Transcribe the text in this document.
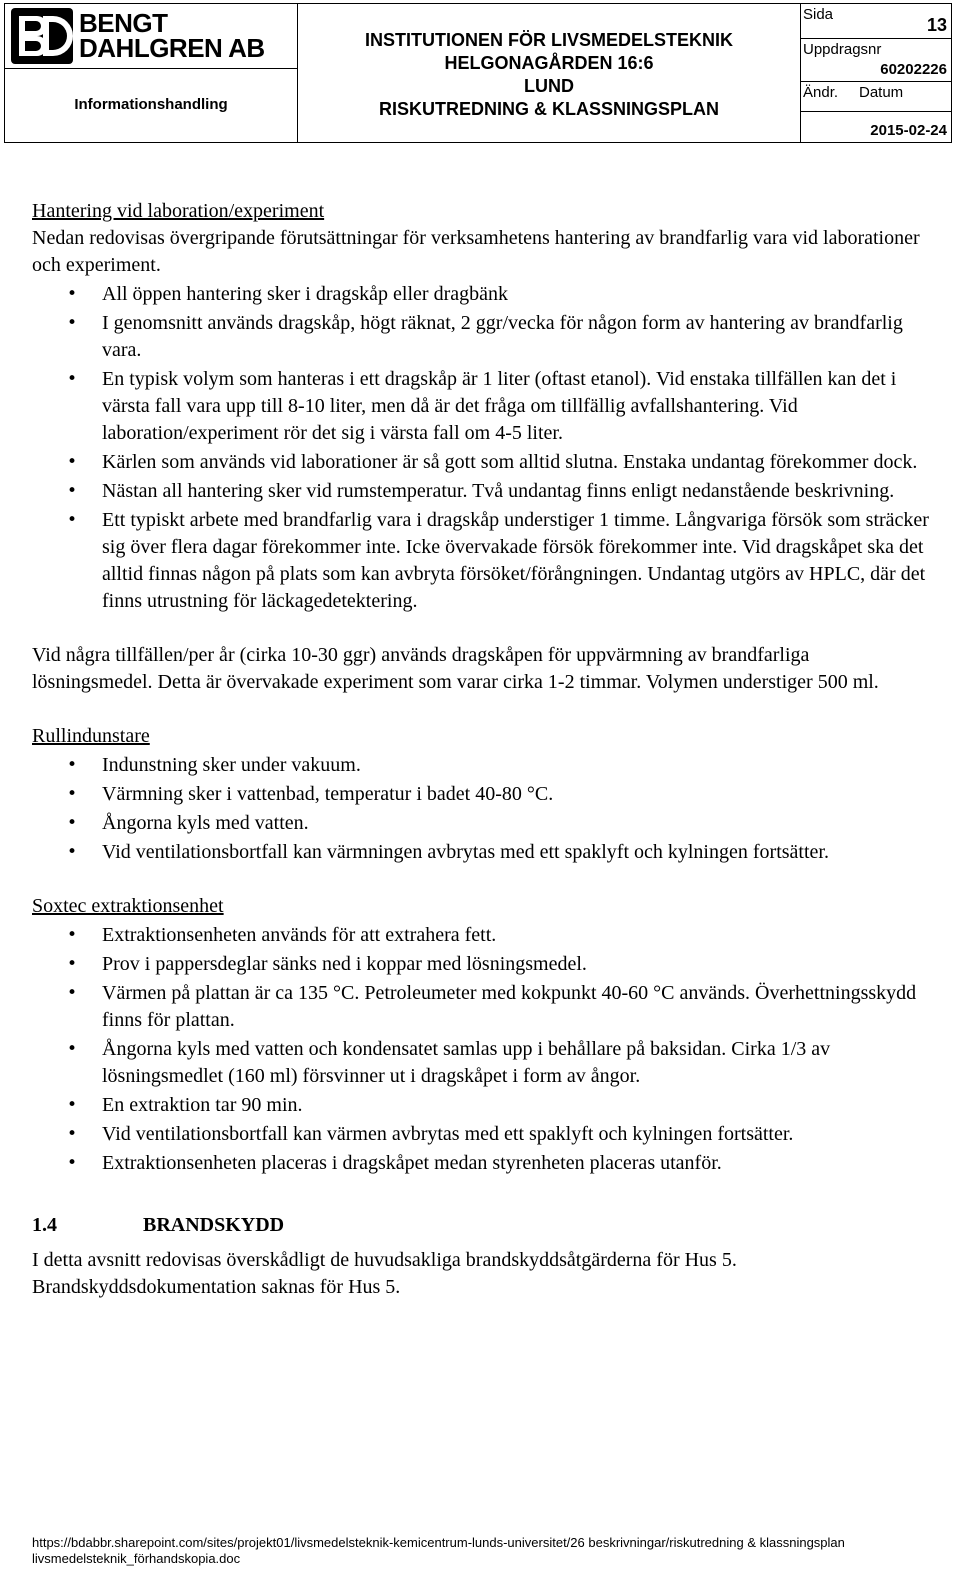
BENGT
DAHLGREN AB
Informationshandling
INSTITUTIONEN FÖR LIVSMEDELSTEKNIK
HELGONAGÅRDEN 16:6
LUND
RISKUTREDNING & KLASSNINGSPLAN
Sida
13
Uppdragsnr
60202226
Ändr. Datum
2015-02-24

Hantering vid laboration/experiment

Nedan redovisas övergripande förutsättningar för verksamhetens hantering av brandfarlig vara vid laborationer och experiment.

• All öppen hantering sker i dragskåp eller dragbänk
• I genomsnitt används dragskåp, högt räknat, 2 ggr/vecka för någon form av hantering av brandfarlig vara.
• En typisk volym som hanteras i ett dragskåp är 1 liter (oftast etanol). Vid enstaka tillfällen kan det i värsta fall vara upp till 8-10 liter, men då är det fråga om tillfällig avfallshantering. Vid laboration/experiment rör det sig i värsta fall om 4-5 liter.
• Kärlen som används vid laborationer är så gott som alltid slutna. Enstaka undantag förekommer dock.
• Nästan all hantering sker vid rumstemperatur. Två undantag finns enligt nedanstående beskrivning.
• Ett typiskt arbete med brandfarlig vara i dragskåp understiger 1 timme. Långvariga försök som sträcker sig över flera dagar förekommer inte. Icke övervakade försök förekommer inte. Vid dragskåpet ska det alltid finnas någon på plats som kan avbryta försöket/förångningen. Undantag utgörs av HPLC, där det finns utrustning för läckagedetektering.

Vid några tillfällen/per år (cirka 10-30 ggr) används dragskåpen för uppvärmning av brandfarliga lösningsmedel. Detta är övervakade experiment som varar cirka 1-2 timmar. Volymen understiger 500 ml.

Rullindunstare

• Indunstning sker under vakuum.
• Värmning sker i vattenbad, temperatur i badet 40-80 °C.
• Ångorna kyls med vatten.
• Vid ventilationsbortfall kan värmningen avbrytas med ett spaklyft och kylningen fortsätter.

Soxtec extraktionsenhet

• Extraktionsenheten används för att extrahera fett.
• Prov i pappersdeglar sänks ned i koppar med lösningsmedel.
• Värmen på plattan är ca 135 °C. Petroleumeter med kokpunkt 40-60 °C används. Överhettningsskydd finns för plattan.
• Ångorna kyls med vatten och kondensatet samlas upp i behållare på baksidan. Cirka 1/3 av lösningsmedlet (160 ml) försvinner ut i dragskåpet i form av ångor.
• En extraktion tar 90 min.
• Vid ventilationsbortfall kan värmen avbrytas med ett spaklyft och kylningen fortsätter.
• Extraktionsenheten placeras i dragskåpet medan styrenheten placeras utanför.
1.4	BRANDSKYDD

I detta avsnitt redovisas överskådligt de huvudsakliga brandskyddsåtgärderna för Hus 5.

Brandskyddsdokumentation saknas för Hus 5.

https://bdabbr.sharepoint.com/sites/projekt01/livsmedelsteknik-kemicentrum-lunds-universitet/26 beskrivningar/riskutredning & klassningsplan
livsmedelsteknik_förhandskopia.doc
